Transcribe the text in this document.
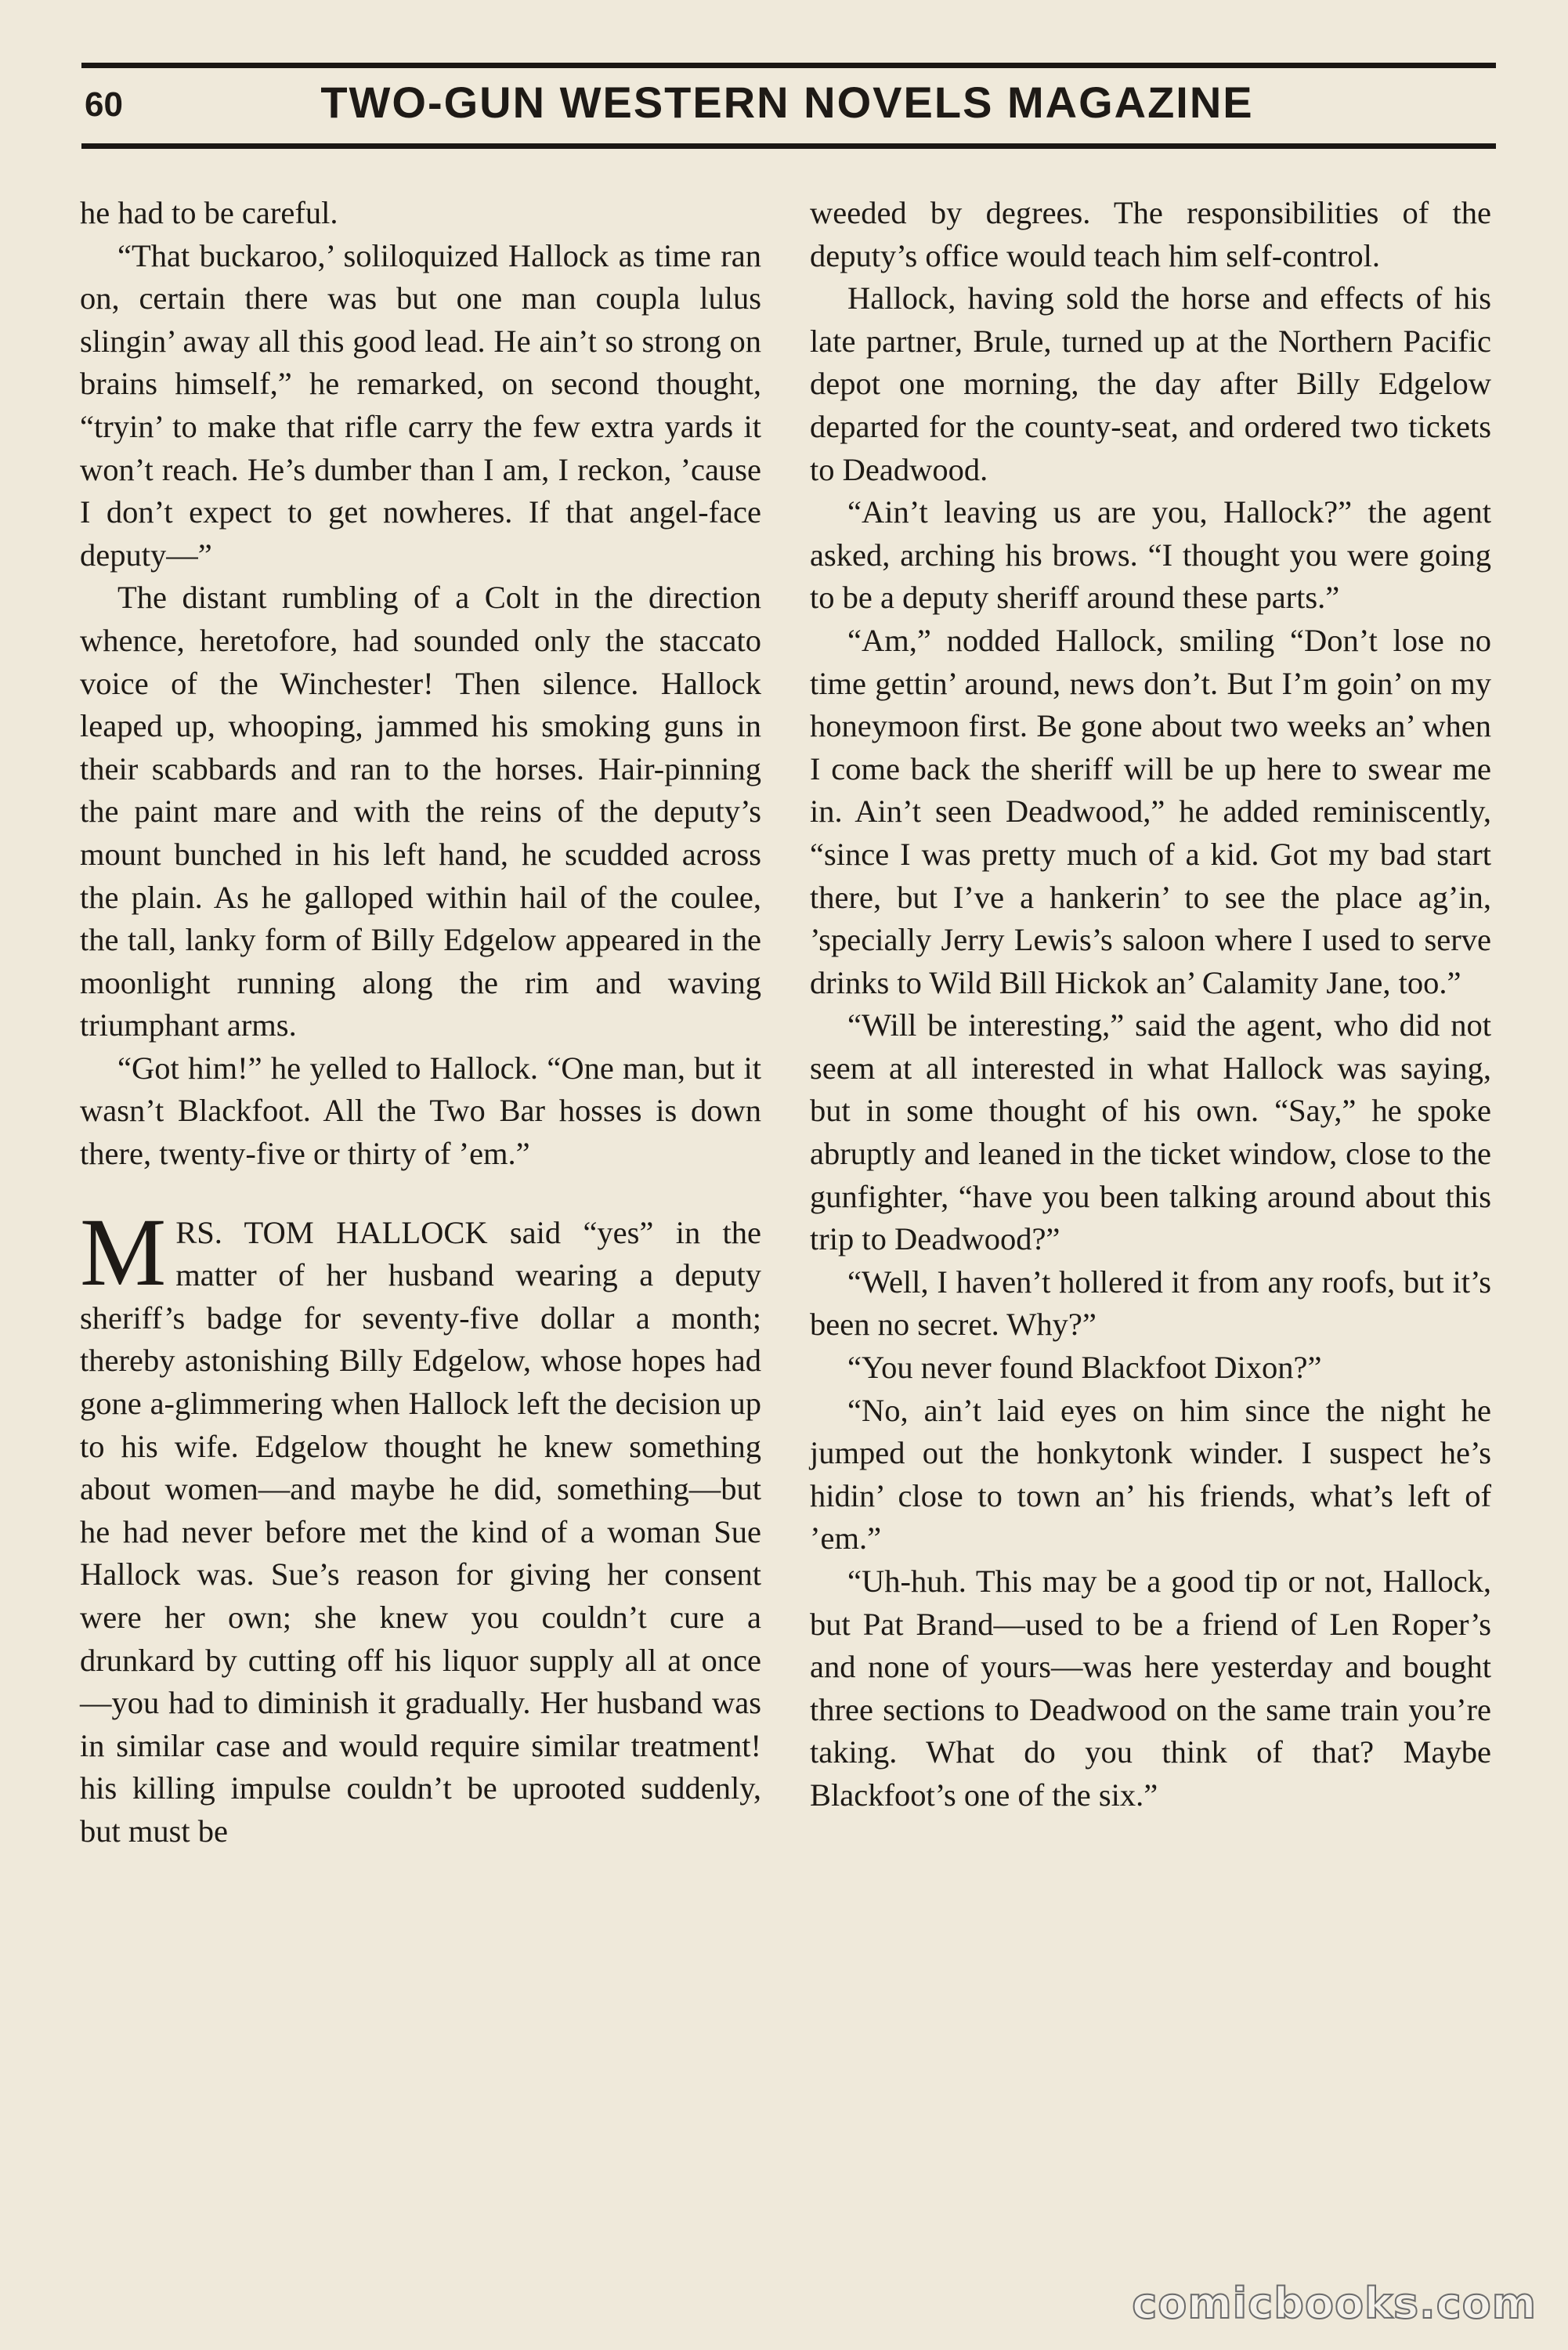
60	TWO-GUN WESTERN NOVELS MAGAZINE

he had to be careful.

“That buckaroo,’ soliloquized Hallock as time ran on, certain there was but one man coupla lulus slingin’ away all this good lead. He ain’t so strong on brains himself,” he remarked, on second thought, “tryin’ to make that rifle carry the few extra yards it won’t reach. He’s dumber than I am, I reckon, ’cause I don’t expect to get nowheres. If that angel-face deputy—”

The distant rumbling of a Colt in the direction whence, heretofore, had sounded only the staccato voice of the Winchester! Then silence. Hallock leaped up, whooping, jammed his smoking guns in their scabbards and ran to the horses. Hair-pinning the paint mare and with the reins of the deputy’s mount bunched in his left hand, he scudded across the plain. As he galloped within hail of the coulee, the tall, lanky form of Billy Edgelow appeared in the moonlight running along the rim and waving triumphant arms.

“Got him!” he yelled to Hallock. “One man, but it wasn’t Blackfoot. All the Two Bar hosses is down there, twenty-five or thirty of ’em.”

MRS. TOM HALLOCK said “yes” in the matter of her husband wearing a deputy sheriff’s badge for seventy-five dollar a month; thereby astonishing Billy Edgelow, whose hopes had gone a-glimmering when Hallock left the decision up to his wife. Edgelow thought he knew something about women—and maybe he did, something—but he had never before met the kind of a woman Sue Hallock was. Sue’s reason for giving her consent were her own; she knew you couldn’t cure a drunkard by cutting off his liquor supply all at once—you had to diminish it gradually. Her husband was in similar case and would require similar treatment! his killing impulse couldn’t be uprooted suddenly, but must be

weeded by degrees. The responsibilities of the deputy’s office would teach him self-control.

Hallock, having sold the horse and effects of his late partner, Brule, turned up at the Northern Pacific depot one morning, the day after Billy Edgelow departed for the county-seat, and ordered two tickets to Deadwood.

“Ain’t leaving us are you, Hallock?” the agent asked, arching his brows. “I thought you were going to be a deputy sheriff around these parts.”

“Am,” nodded Hallock, smiling “Don’t lose no time gettin’ around, news don’t. But I’m goin’ on my honeymoon first. Be gone about two weeks an’ when I come back the sheriff will be up here to swear me in. Ain’t seen Deadwood,” he added reminiscently, “since I was pretty much of a kid. Got my bad start there, but I’ve a hankerin’ to see the place ag’in, ’specially Jerry Lewis’s saloon where I used to serve drinks to Wild Bill Hickok an’ Calamity Jane, too.”

“Will be interesting,” said the agent, who did not seem at all interested in what Hallock was saying, but in some thought of his own. “Say,” he spoke abruptly and leaned in the ticket window, close to the gunfighter, “have you been talking around about this trip to Deadwood?”

“Well, I haven’t hollered it from any roofs, but it’s been no secret. Why?”

“You never found Blackfoot Dixon?”

“No, ain’t laid eyes on him since the night he jumped out the honkytonk winder. I suspect he’s hidin’ close to town an’ his friends, what’s left of ’em.”

“Uh-huh. This may be a good tip or not, Hallock, but Pat Brand—used to be a friend of Len Roper’s and none of yours—was here yesterday and bought three sections to Deadwood on the same train you’re taking. What do you think of that? Maybe Blackfoot’s one of the six.”

comicbooks.com
